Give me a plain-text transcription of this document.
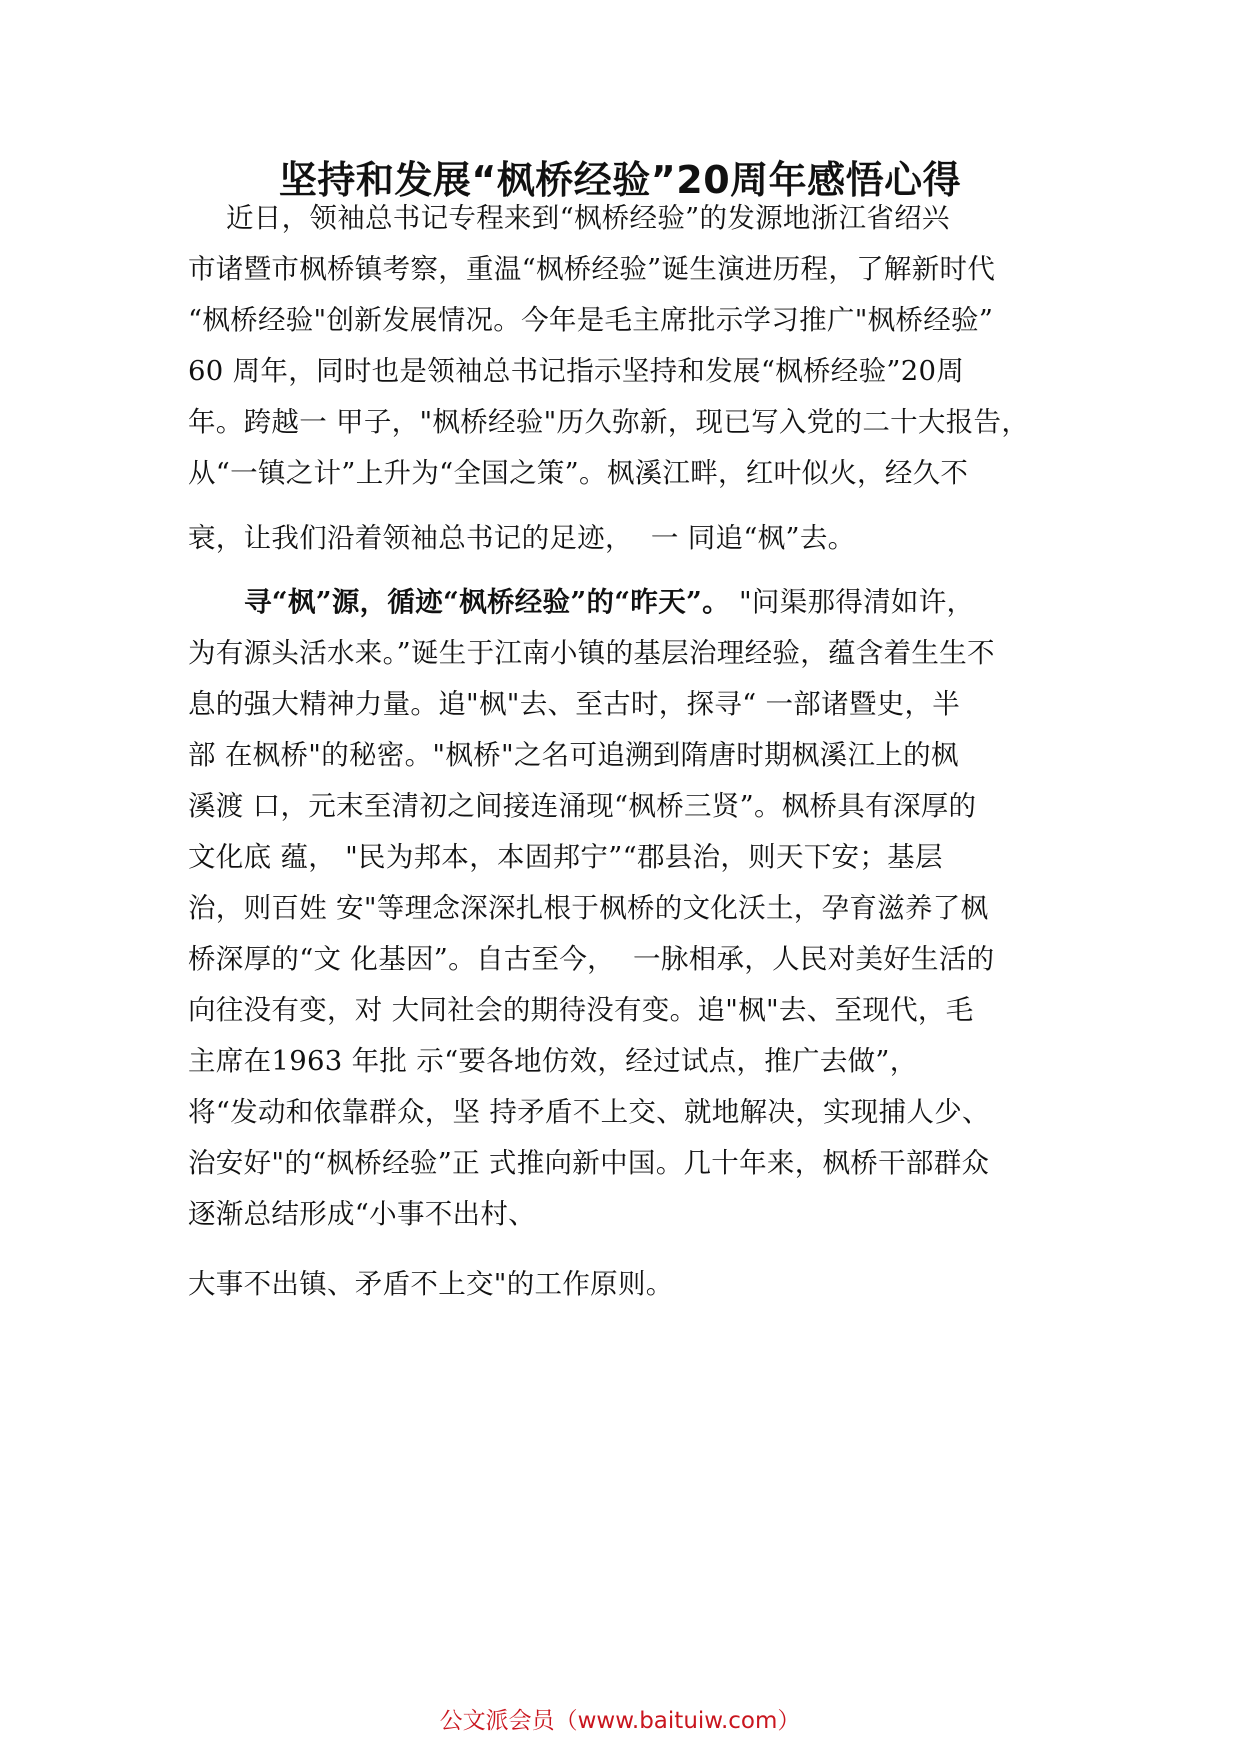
坚持和发展“枫桥经验”20周年感悟心得
近日，领袖总书记专程来到“枫桥经验”的发源地浙江省绍兴
市诸暨市枫桥镇考察，重温“枫桥经验”诞生演进历程，了解新时代
“枫桥经验"创新发展情况。今年是毛主席批示学习推广"枫桥经验”
60 周年，同时也是领袖总书记指示坚持和发展“枫桥经验”20周
年。跨越一 甲子，"枫桥经验"历久弥新，现已写入党的二十大报告，
从“一镇之计”上升为“全国之策”。枫溪江畔，红叶似火，经久不
衰，让我们沿着领袖总书记的足迹，  一 同追“枫”去。
寻“枫”源，循迹“枫桥经验”的“昨天”。 "问渠那得清如许，
为有源头活水来。”诞生于江南小镇的基层治理经验，蕴含着生生不
息的强大精神力量。追"枫"去、至古时，探寻“ 一部诸暨史，半
部 在枫桥"的秘密。"枫桥"之名可追溯到隋唐时期枫溪江上的枫
溪渡 口，元末至清初之间接连涌现“枫桥三贤”。枫桥具有深厚的
文化底 蕴， "民为邦本，本固邦宁”“郡县治，则天下安；基层
治，则百姓 安"等理念深深扎根于枫桥的文化沃土，孕育滋养了枫
桥深厚的“文 化基因”。自古至今，  一脉相承，人民对美好生活的
向往没有变，对 大同社会的期待没有变。追"枫"去、至现代，毛
主席在1963 年批 示“要各地仿效，经过试点，推广去做”，
将“发动和依靠群众，坚 持矛盾不上交、就地解决，实现捕人少、
治安好"的“枫桥经验”正 式推向新中国。几十年来，枫桥干部群众
逐渐总结形成“小事不出村、
大事不出镇、矛盾不上交"的工作原则。
公文派会员（www.baituiw.com）
